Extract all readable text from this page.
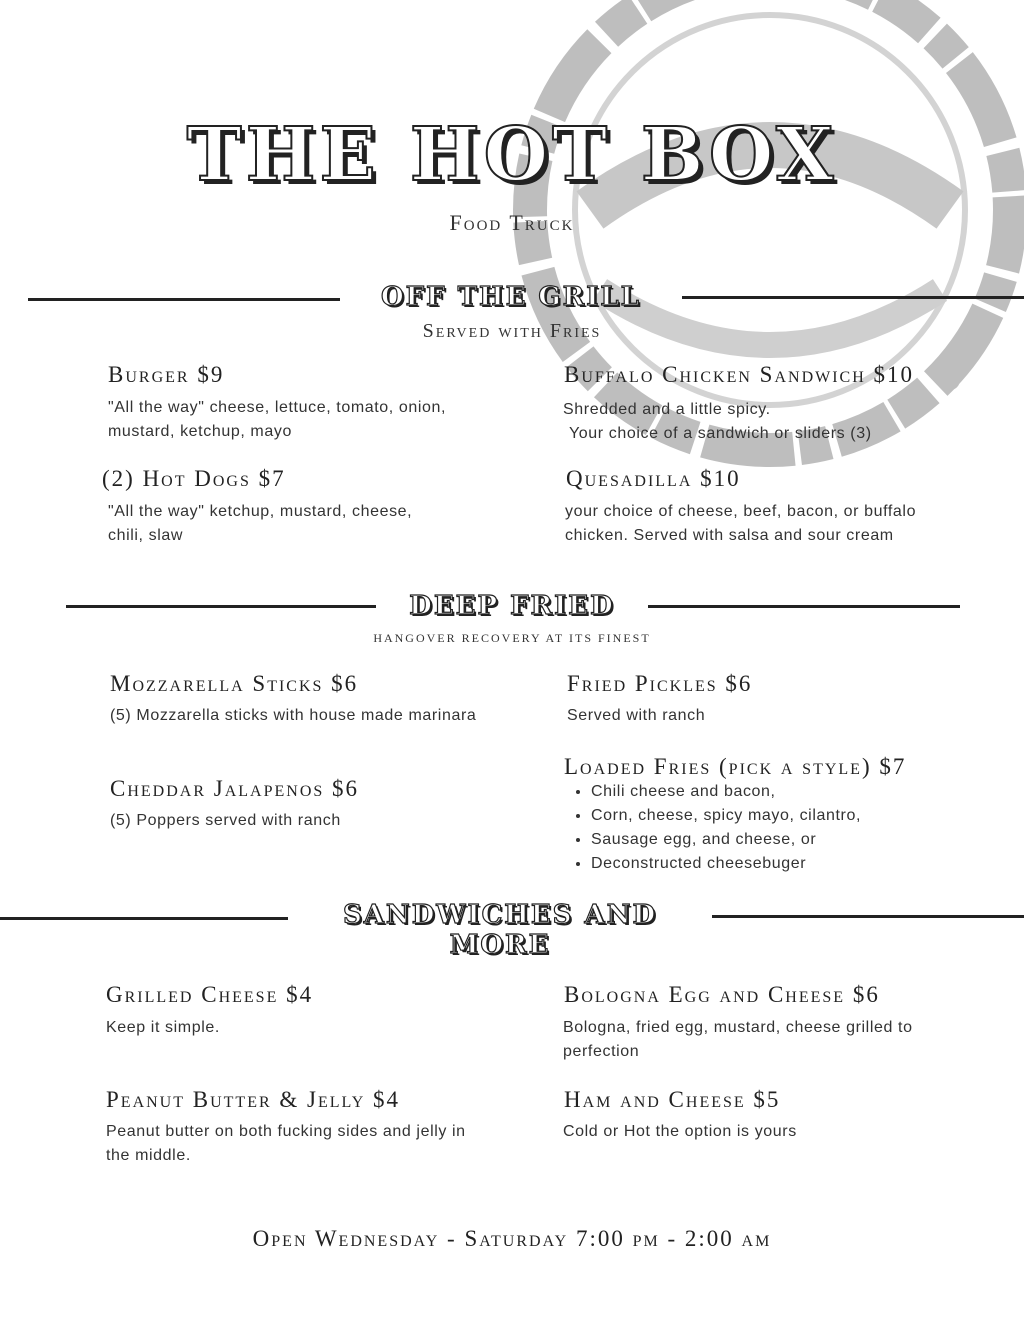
THE HOT BOX
Food Truck
OFF THE GRILL
Served with Fries
Burger $9
"All the way" cheese, lettuce, tomato, onion, mustard, ketchup, mayo
Buffalo Chicken Sandwich $10
Shredded and a little spicy.
Your choice of a sandwich or sliders (3)
(2) Hot Dogs $7
"All the way" ketchup, mustard, cheese, chili, slaw
Quesadilla $10
your choice of cheese, beef, bacon, or buffalo chicken. Served with salsa and sour cream
DEEP FRIED
HANGOVER RECOVERY AT ITS FINEST
Mozzarella Sticks $6
(5) Mozzarella sticks with house made marinara
Fried Pickles $6
Served with ranch
Cheddar Jalapenos $6
(5) Poppers served with ranch
Loaded Fries (pick a style) $7
• Chili cheese and bacon,
• Corn, cheese, spicy mayo, cilantro,
• Sausage egg, and cheese, or
• Deconstructed cheesebuger
SANDWICHES AND
MORE
Grilled Cheese $4
Keep it simple.
Bologna Egg and Cheese $6
Bologna, fried egg, mustard, cheese grilled to perfection
Peanut Butter & Jelly $4
Peanut butter on both fucking sides and jelly in the middle.
Ham and Cheese $5
Cold or Hot the option is yours
Open Wednesday - Saturday 7:00 pm - 2:00 am
